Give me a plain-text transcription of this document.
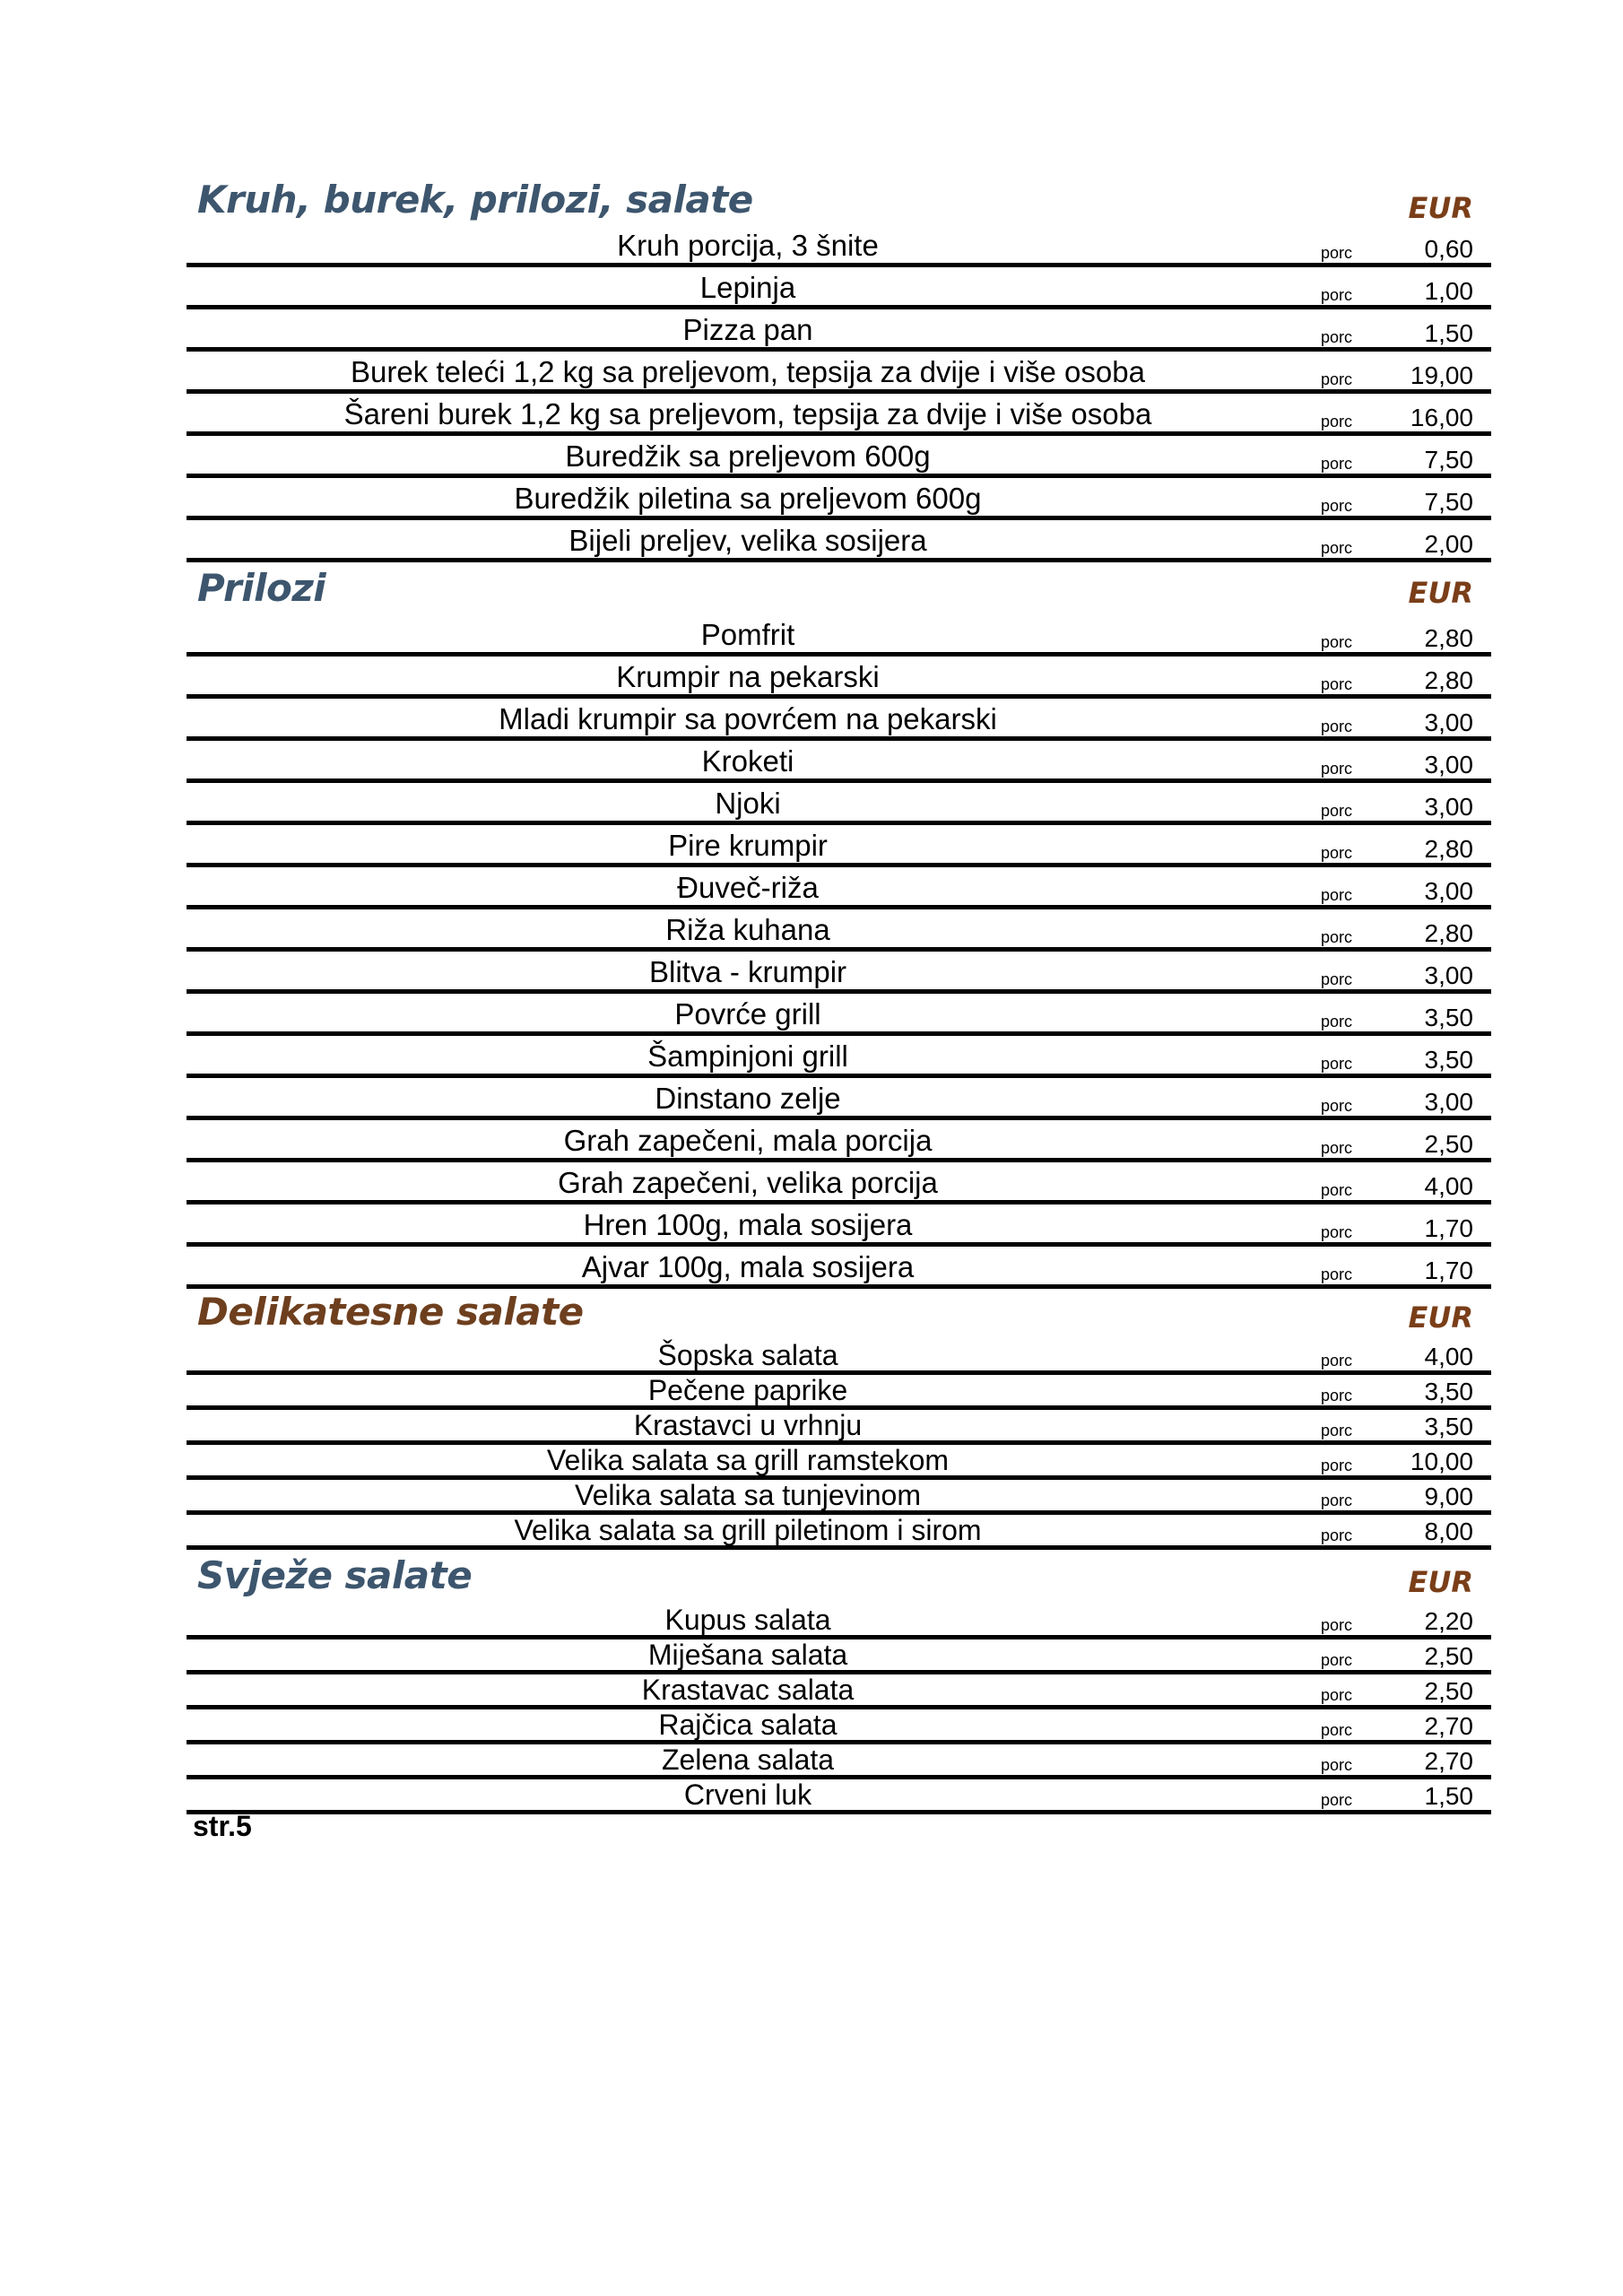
Kruh, burek, prilozi, salate	EUR
Kruh porcija, 3 šnite	porc	0,60
Lepinja	porc	1,00
Pizza pan	porc	1,50
Burek teleći 1,2 kg sa preljevom, tepsija za dvije i više osoba	porc 19,00
Šareni burek 1,2 kg sa preljevom, tepsija za dvije i više osoba	porc 16,00
Buredžik sa preljevom 600g	porc	7,50
Buredžik piletina sa preljevom 600g	porc	7,50
Bijeli preljev, velika sosijera	porc	2,00
Prilozi	EUR
Pomfrit	porc	2,80
Krumpir na pekarski	porc	2,80
Mladi krumpir sa povrćem na pekarski	porc	3,00
Kroketi	porc	3,00
Njoki	porc	3,00
Pire krumpir	porc	2,80
Đuveč-riža	porc	3,00
Riža kuhana	porc	2,80
Blitva - krumpir	porc	3,00
Povrće grill	porc	3,50
Šampinjoni grill	porc	3,50
Dinstano zelje	porc	3,00
Grah zapečeni, mala porcija	porc	2,50
Grah zapečeni, velika porcija	porc	4,00
Hren 100g, mala sosijera	porc	1,70
Ajvar 100g, mala sosijera	porc	1,70
Delikatesne salate	EUR
Šopska salata	porc	4,00
Pečene paprike	porc	3,50
Krastavci u vrhnju	porc	3,50
Velika salata sa grill ramstekom	porc 10,00
Velika salata sa tunjevinom	porc	9,00
Velika salata sa grill piletinom i sirom	porc	8,00
Svježe salate	EUR
Kupus salata	porc	2,20
Miješana salata	porc	2,50
Krastavac salata	porc	2,50
Rajčica salata	porc	2,70
Zelena salata	porc	2,70
Crveni luk	porc	1,50
str.5
